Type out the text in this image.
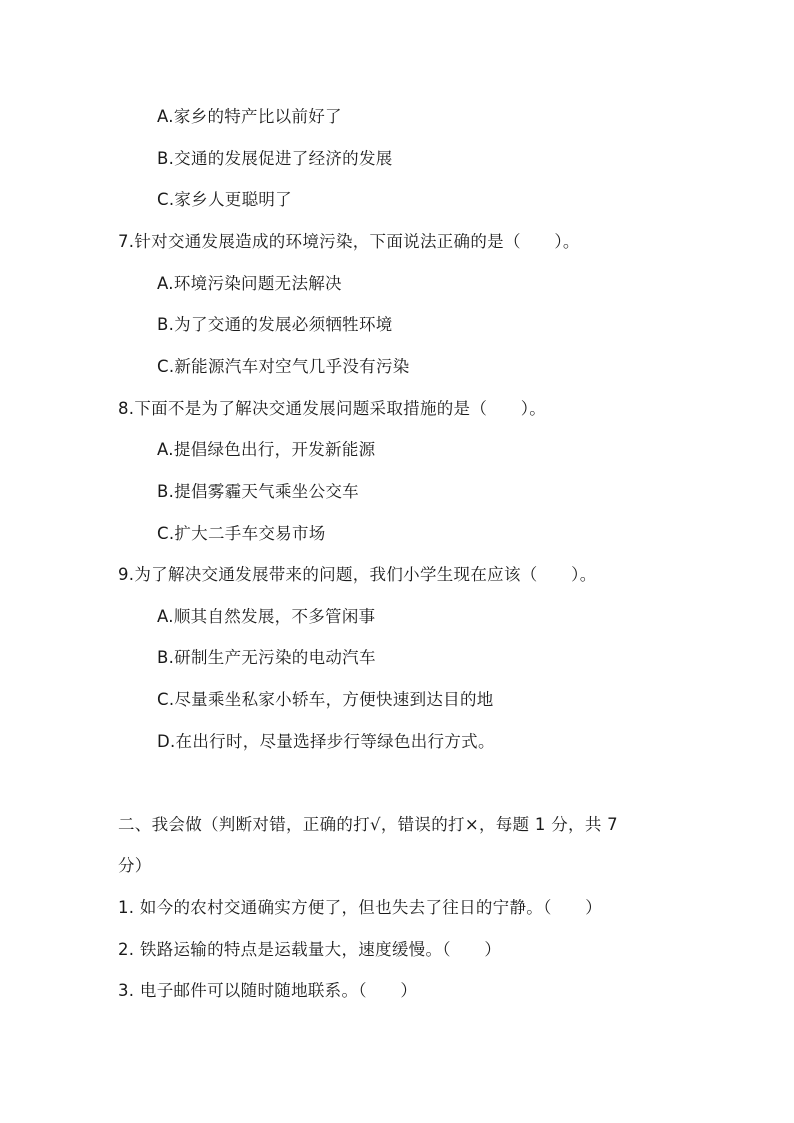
A.家乡的特产比以前好了
B.交通的发展促进了经济的发展
C.家乡人更聪明了
7.针对交通发展造成的环境污染，下面说法正确的是（　　）。
A.环境污染问题无法解决
B.为了交通的发展必须牺牲环境
C.新能源汽车对空气几乎没有污染
8.下面不是为了解决交通发展问题采取措施的是（　　）。
A.提倡绿色出行，开发新能源
B.提倡雾霾天气乘坐公交车
C.扩大二手车交易市场
9.为了解决交通发展带来的问题，我们小学生现在应该（　　）。
A.顺其自然发展，不多管闲事
B.研制生产无污染的电动汽车
C.尽量乘坐私家小轿车，方便快速到达目的地
D.在出行时，尽量选择步行等绿色出行方式。
二、我会做（判断对错，正确的打√，错误的打×，每题 1 分，共 7
分）
1. 如今的农村交通确实方便了，但也失去了往日的宁静。（　　）
2. 铁路运输的特点是运载量大，速度缓慢。（　　）
3. 电子邮件可以随时随地联系。（　　）
